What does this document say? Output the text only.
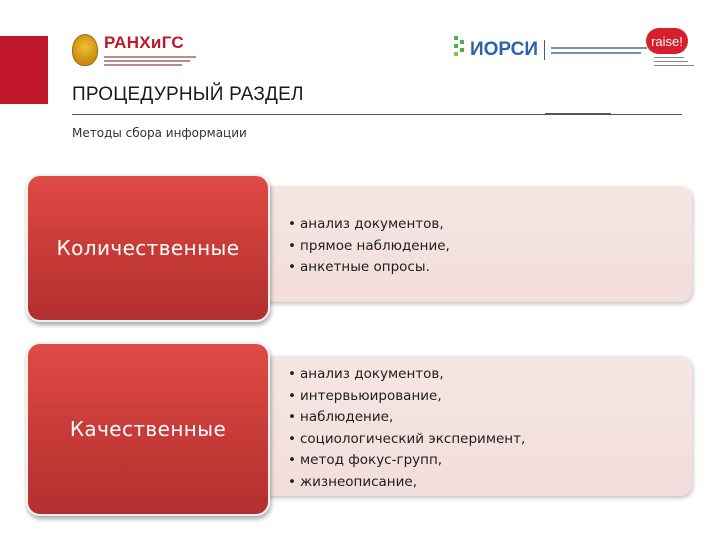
РАНХиГС	ИОРСИ	raise!
ПРОЦЕДУРНЫЙ РАЗДЕЛ
Методы сбора информации
Количественные
• анализ документов,
• прямое наблюдение,
• анкетные опросы.
Качественные
• анализ документов,
• интервьюирование,
• наблюдение,
• социологический эксперимент,
• метод фокус-групп,
• жизнеописание,
